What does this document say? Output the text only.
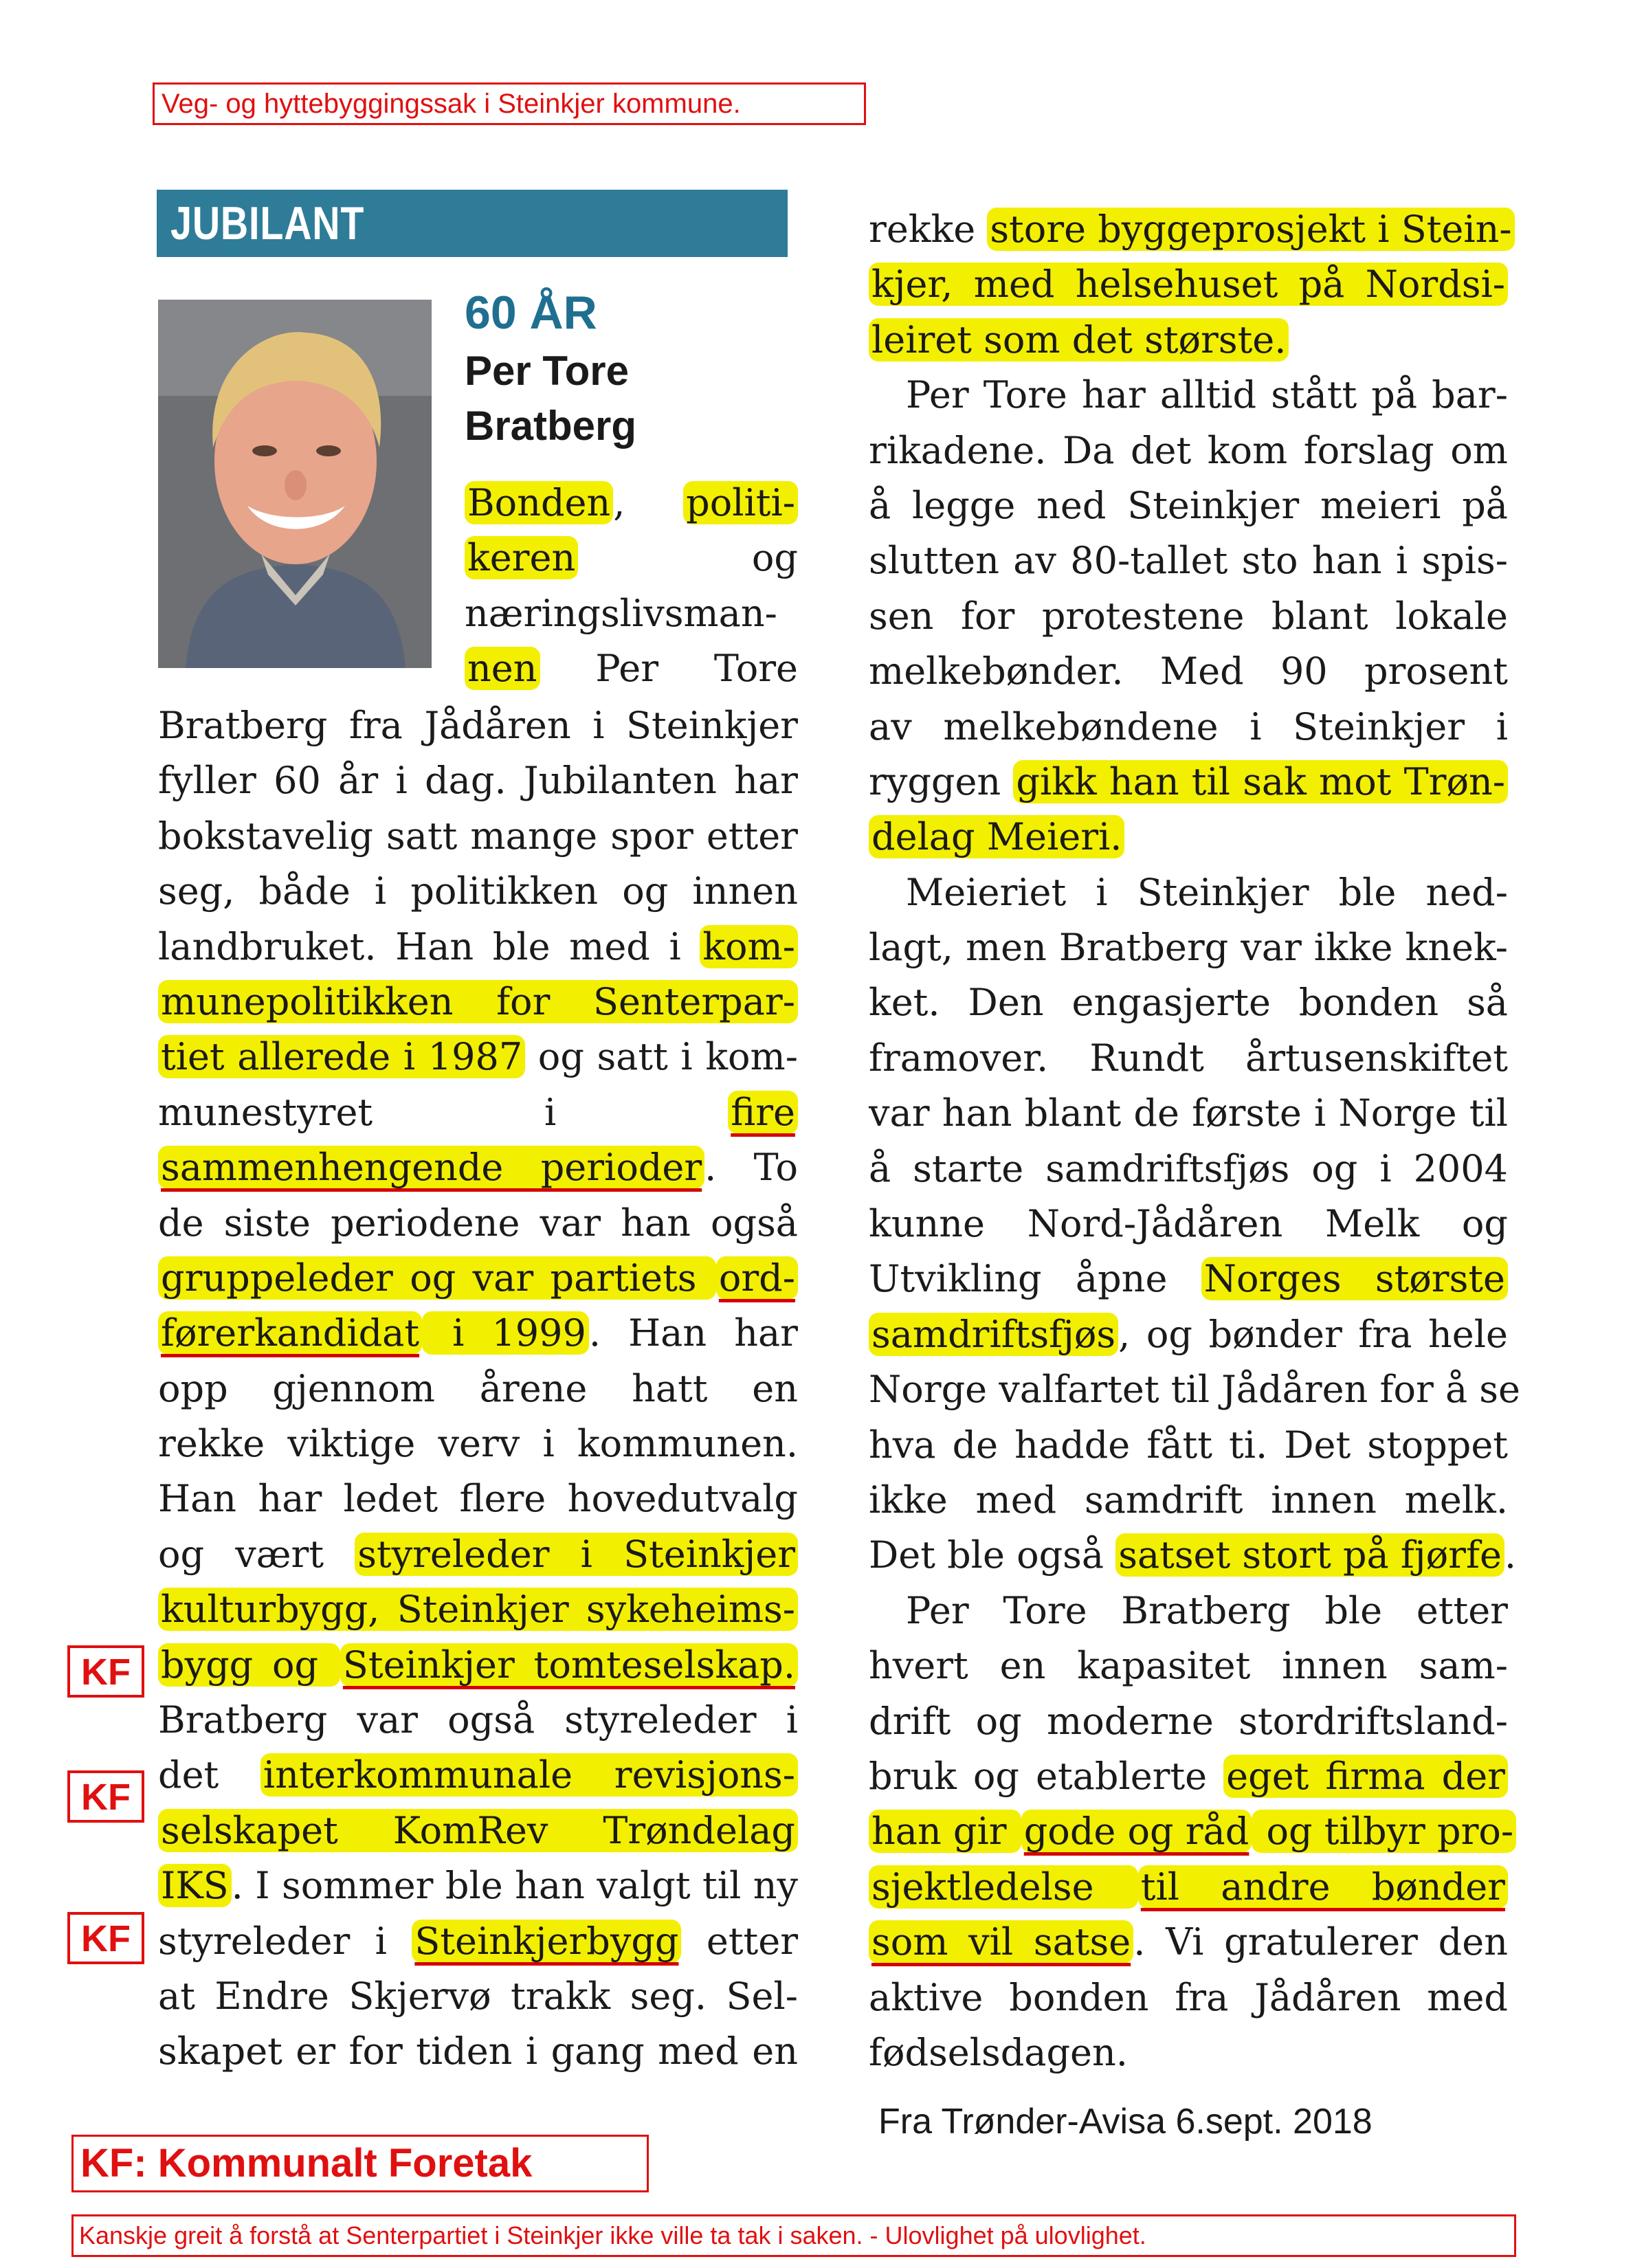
Veg- og hyttebyggingssak i Steinkjer kommune.
JUBILANT
60 ÅR
Per Tore
Bratberg
Bonden, politi-
keren	og
næringslivsman-
nen Per Tore
Bratberg fra Jådåren i Steinkjer
fyller 60 år i dag. Jubilanten har
bokstavelig satt mange spor etter
seg, både i politikken og innen
landbruket. Han ble med i kom-
munepolitikken for Senterpar-
tiet allerede i 1987 og satt i kom-
munestyret i fire
sammenhengende perioder. To
de siste periodene var han også
gruppeleder og var partiets ord-
førerkandidat i 1999. Han har
opp gjennom årene hatt en
rekke viktige verv i kommunen.
Han har ledet flere hovedutvalg
og vært styreleder i Steinkjer
kulturbygg, Steinkjer sykeheims-
bygg og Steinkjer tomteselskap.
Bratberg var også styreleder i
det interkommunale revisjons-
selskapet KomRev Trøndelag
IKS. I sommer ble han valgt til ny
styreleder i Steinkjerbygg etter
at Endre Skjervø trakk seg. Sel-
skapet er for tiden i gang med en
rekke store byggeprosjekt i Stein-
kjer, med helsehuset på Nordsi-
leiret som det største.
Per Tore har alltid stått på bar-
rikadene. Da det kom forslag om
å legge ned Steinkjer meieri på
slutten av 80-tallet sto han i spis-
sen for protestene blant lokale
melkebønder. Med 90 prosent
av melkebøndene i Steinkjer i
ryggen gikk han til sak mot Trøn-
delag Meieri.
Meieriet i Steinkjer ble ned-
lagt, men Bratberg var ikke knek-
ket. Den engasjerte bonden så
framover. Rundt årtusenskiftet
var han blant de første i Norge til
å starte samdriftsfjøs og i 2004
kunne Nord-Jådåren Melk og
Utvikling åpne Norges største
samdriftsfjøs, og bønder fra hele
Norge valfartet til Jådåren for å se
hva de hadde fått ti. Det stoppet
ikke med samdrift innen melk.
Det ble også satset stort på fjørfe.
Per Tore Bratberg ble etter
hvert en kapasitet innen sam-
drift og moderne stordriftsland-
bruk og etablerte eget firma der
han gir gode og råd og tilbyr pro-
sjektledelse til andre bønder
som vil satse. Vi gratulerer den
aktive bonden fra Jådåren med
fødselsdagen.
Fra Trønder-Avisa 6.sept. 2018
KF
KF
KF
KF: Kommunalt Foretak
Kanskje greit å forstå at Senterpartiet i Steinkjer ikke ville ta tak i saken. - Ulovlighet på ulovlighet.
